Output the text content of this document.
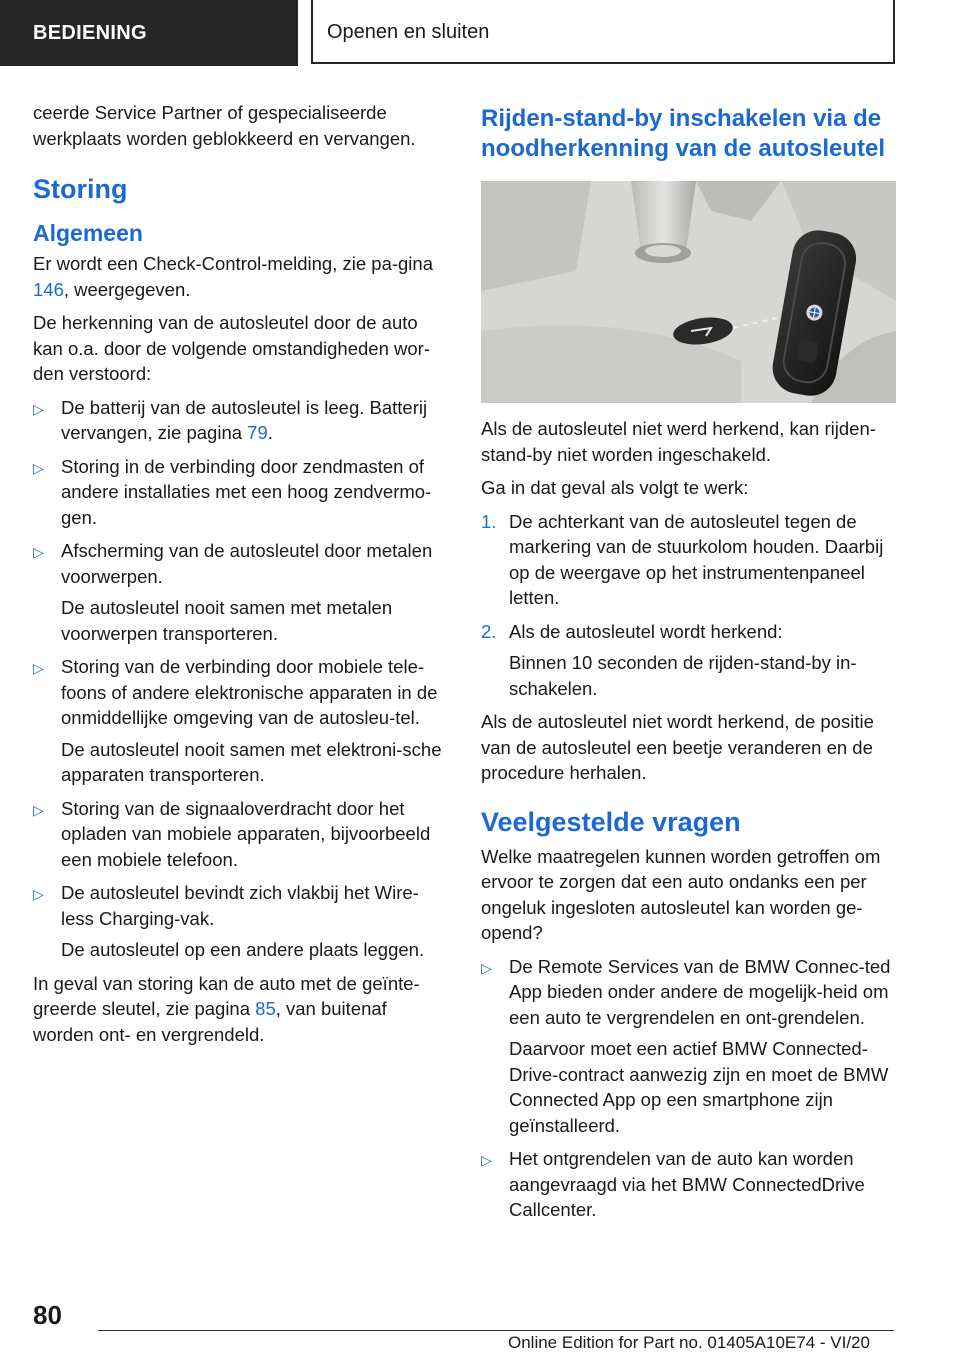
BEDIENING	Openen en sluiten

ceerde Service Partner of gespecialiseerde werkplaats worden geblokkeerd en vervangen.

Storing
Algemeen

Er wordt een Check-Control-melding, zie pa-gina 146, weergegeven.

De herkenning van de autosleutel door de auto kan o.a. door de volgende omstandigheden wor-den verstoord:

▷ De batterij van de autosleutel is leeg. Batterij vervangen, zie pagina 79.
▷ Storing in de verbinding door zendmasten of andere installaties met een hoog zendvermo-gen.
▷ Afscherming van de autosleutel door metalen voorwerpen.
De autosleutel nooit samen met metalen voorwerpen transporteren.
▷ Storing van de verbinding door mobiele tele-foons of andere elektronische apparaten in de onmiddellijke omgeving van de autosleu-tel.
De autosleutel nooit samen met elektroni-sche apparaten transporteren.
▷ Storing van de signaaloverdracht door het opladen van mobiele apparaten, bijvoorbeeld een mobiele telefoon.
▷ De autosleutel bevindt zich vlakbij het Wire-less Charging-vak.
De autosleutel op een andere plaats leggen.

In geval van storing kan de auto met de geïnte-greerde sleutel, zie pagina 85, van buitenaf worden ont- en vergrendeld.

Rijden-stand-by inschakelen via de noodherkenning van de autosleutel

Als de autosleutel niet werd herkend, kan rijden-stand-by niet worden ingeschakeld.

Ga in dat geval als volgt te werk:

1. De achterkant van de autosleutel tegen de markering van de stuurkolom houden. Daarbij op de weergave op het instrumentenpaneel letten.
2. Als de autosleutel wordt herkend:
Binnen 10 seconden de rijden-stand-by in-schakelen.

Als de autosleutel niet wordt herkend, de positie van de autosleutel een beetje veranderen en de procedure herhalen.

Veelgestelde vragen

Welke maatregelen kunnen worden getroffen om ervoor te zorgen dat een auto ondanks een per ongeluk ingesloten autosleutel kan worden ge-opend?

▷ De Remote Services van de BMW Connec-ted App bieden onder andere de mogelijk-heid om een auto te vergrendelen en ont-grendelen.
Daarvoor moet een actief BMW Connected-Drive-contract aanwezig zijn en moet de BMW Connected App op een smartphone zijn geïnstalleerd.
▷ Het ontgrendelen van de auto kan worden aangevraagd via het BMW ConnectedDrive Callcenter.
80
Online Edition for Part no. 01405A10E74 - VI/20
